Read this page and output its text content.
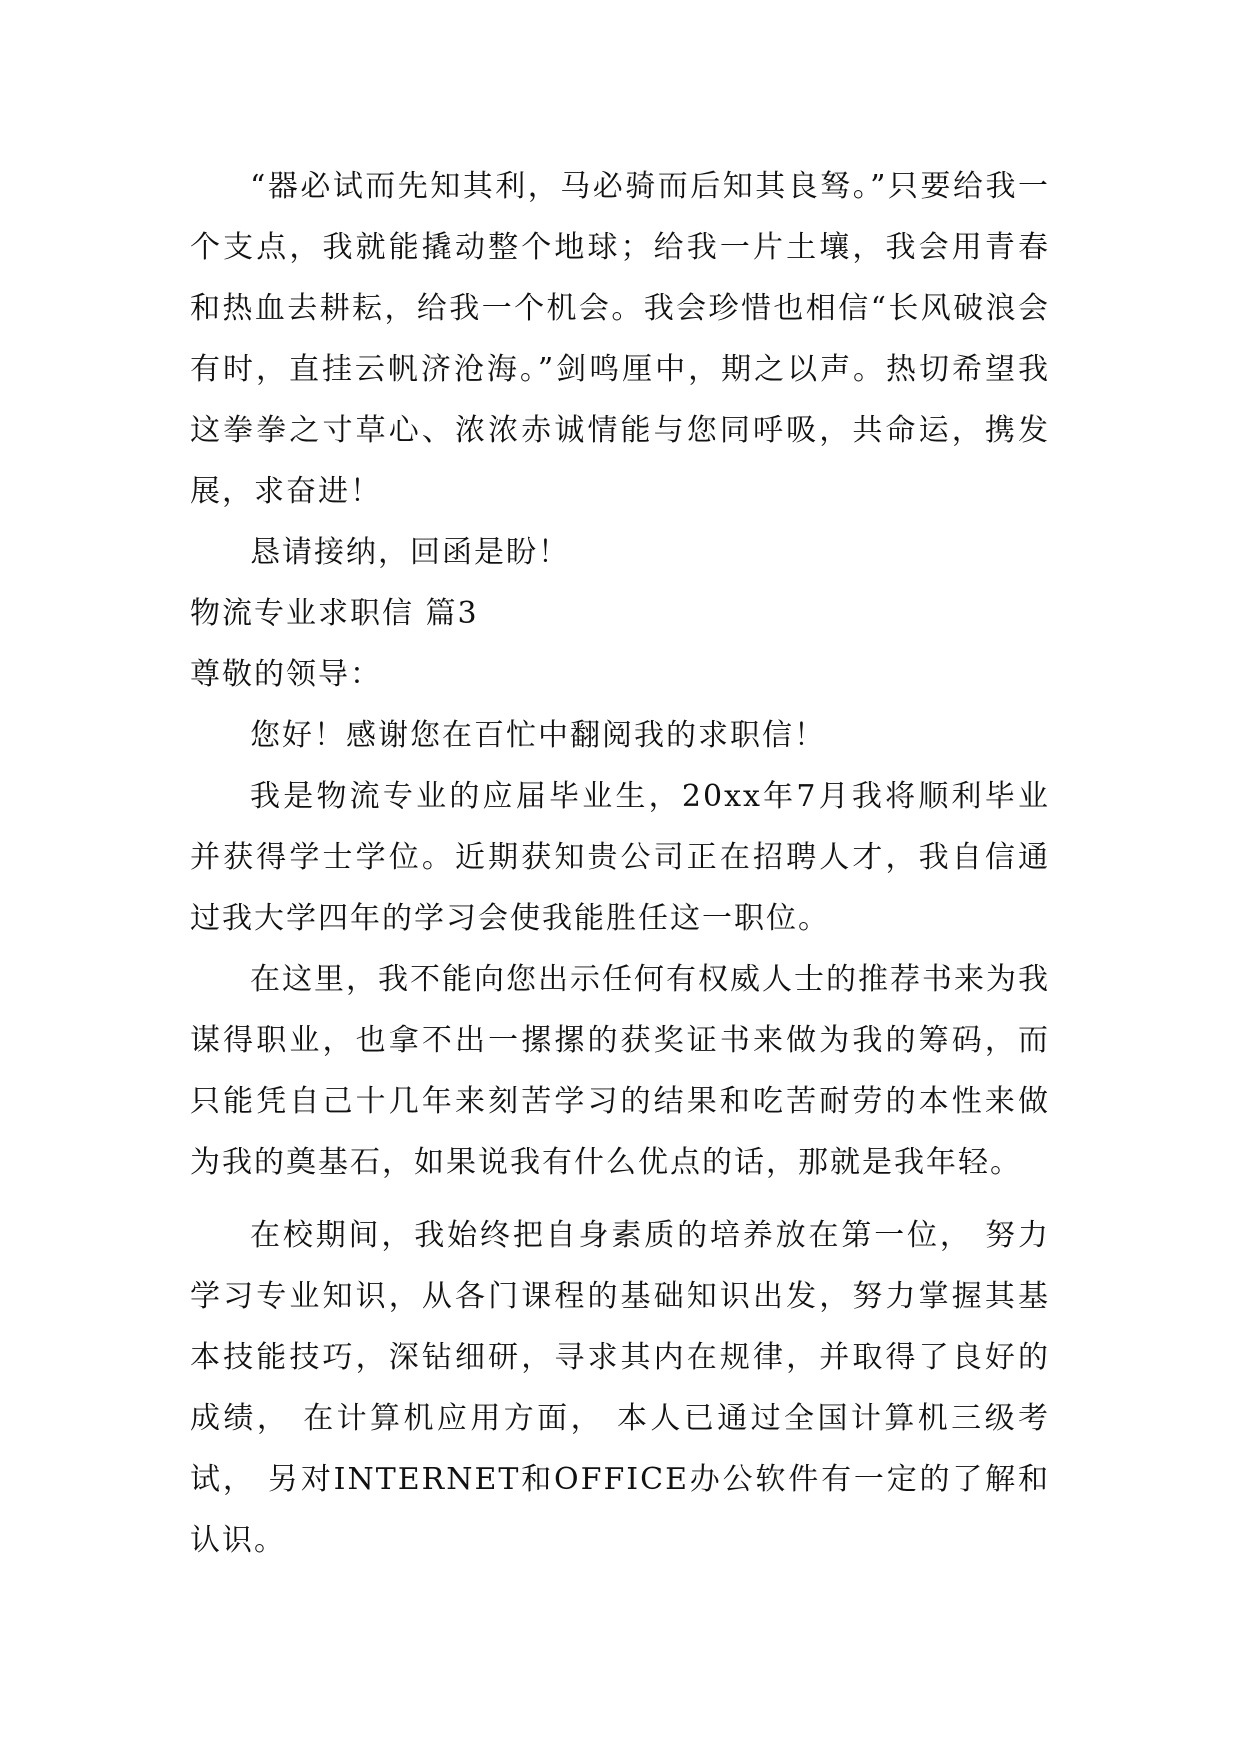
“器必试而先知其利，马必骑而后知其良驽。”只要给我一个支点，我就能撬动整个地球；给我一片土壤，我会用青春和热血去耕耘，给我一个机会。我会珍惜也相信“长风破浪会有时，直挂云帆济沧海。”剑鸣厘中，期之以声。热切希望我这拳拳之寸草心、浓浓赤诚情能与您同呼吸，共命运，携发展，求奋进！

恳请接纳，回函是盼！

物流专业求职信 篇3

尊敬的领导：

您好！感谢您在百忙中翻阅我的求职信！

我是物流专业的应届毕业生，20xx年7月我将顺利毕业并获得学士学位。近期获知贵公司正在招聘人才，我自信通过我大学四年的学习会使我能胜任这一职位。

在这里，我不能向您出示任何有权威人士的推荐书来为我谋得职业，也拿不出一摞摞的获奖证书来做为我的筹码，而只能凭自己十几年来刻苦学习的结果和吃苦耐劳的本性来做为我的奠基石，如果说我有什么优点的话，那就是我年轻。

在校期间，我始终把自身素质的培养放在第一位， 努力学习专业知识，从各门课程的基础知识出发，努力掌握其基本技能技巧，深钻细研，寻求其内在规律，并取得了良好的成绩， 在计算机应用方面， 本人已通过全国计算机三级考试， 另对INTERNET和OFFICE办公软件有一定的了解和认识。
